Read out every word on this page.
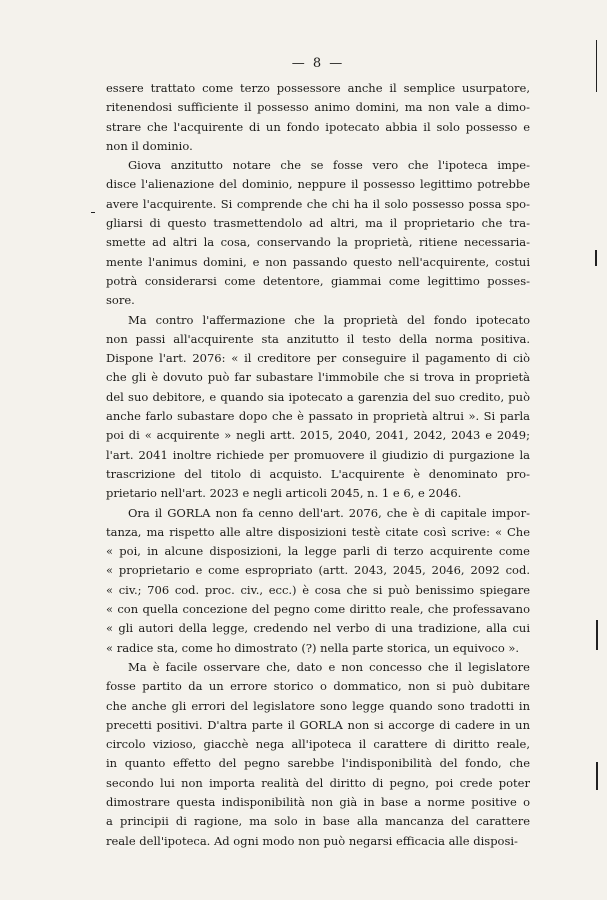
— 8 —
essere trattato come terzo possessore anche il semplice usurpatore,
ritenendosi sufficiente il possesso animo domini, ma non vale a dimo-
strare che l'acquirente di un fondo ipotecato abbia il solo possesso e
non il dominio.
Giova anzitutto notare che se fosse vero che l'ipoteca impe-
disce l'alienazione del dominio, neppure il possesso legittimo potrebbe
avere l'acquirente. Si comprende che chi ha il solo possesso possa spo-
gliarsi di questo trasmettendolo ad altri, ma il proprietario che tra-
smette ad altri la cosa, conservando la proprietà, ritiene necessaria-
mente l'animus domini, e non passando questo nell'acquirente, costui
potrà considerarsi come detentore, giammai come legittimo posses-
sore.
Ma contro l'affermazione che la proprietà del fondo ipotecato
non passi all'acquirente sta anzitutto il testo della norma positiva.
Dispone l'art. 2076: « il creditore per conseguire il pagamento di ciò
che gli è dovuto può far subastare l'immobile che si trova in proprietà
del suo debitore, e quando sia ipotecato a garenzia del suo credito, può
anche farlo subastare dopo che è passato in proprietà altrui ». Si parla
poi di « acquirente » negli artt. 2015, 2040, 2041, 2042, 2043 e 2049;
l'art. 2041 inoltre richiede per promuovere il giudizio di purgazione la
trascrizione del titolo di acquisto. L'acquirente è denominato pro-
prietario nell'art. 2023 e negli articoli 2045, n. 1 e 6, e 2046.
Ora il GORLA non fa cenno dell'art. 2076, che è di capitale impor-
tanza, ma rispetto alle altre disposizioni testè citate così scrive: « Che
« poi, in alcune disposizioni, la legge parli di terzo acquirente come
« proprietario e come espropriato (artt. 2043, 2045, 2046, 2092 cod.
« civ.; 706 cod. proc. civ., ecc.) è cosa che si può benissimo spiegare
« con quella concezione del pegno come diritto reale, che professavano
« gli autori della legge, credendo nel verbo di una tradizione, alla cui
« radice sta, come ho dimostrato (?) nella parte storica, un equivoco ».
Ma è facile osservare che, dato e non concesso che il legislatore
fosse partito da un errore storico o dommatico, non si può dubitare
che anche gli errori del legislatore sono legge quando sono tradotti in
precetti positivi. D'altra parte il GORLA non si accorge di cadere in un
circolo vizioso, giacchè nega all'ipoteca il carattere di diritto reale,
in quanto effetto del pegno sarebbe l'indisponibilità del fondo, che
secondo lui non importa realità del diritto di pegno, poi crede poter
dimostrare questa indisponibilità non già in base a norme positive o
a principii di ragione, ma solo in base alla mancanza del carattere
reale dell'ipoteca. Ad ogni modo non può negarsi efficacia alle disposi-
